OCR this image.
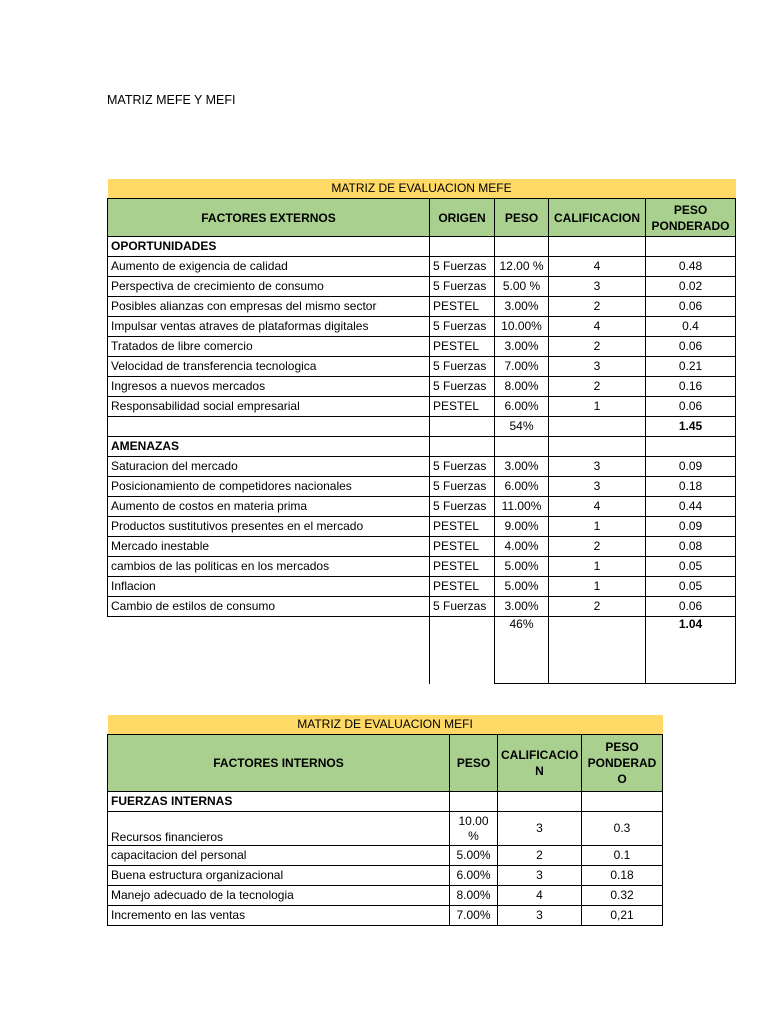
MATRIZ MEFE Y MEFI
MATRIZ DE EVALUACION MEFE				
FACTORES EXTERNOS	ORIGEN	PESO	CALIFICACION	PESO PONDERADO
OPORTUNIDADES				
Aumento de exigencia de calidad	5 Fuerzas	12.00 %	4	0.48
Perspectiva de crecimiento de consumo	5 Fuerzas	5.00 %	3	0.02
Posibles alianzas con empresas del mismo sector	PESTEL	3.00%	2	0.06
Impulsar ventas atraves de plataformas digitales	5 Fuerzas	10.00%	4	0.4
Tratados de libre comercio	PESTEL	3.00%	2	0.06
Velocidad de transferencia tecnologica	5 Fuerzas	7.00%	3	0.21
Ingresos a nuevos mercados	5 Fuerzas	8.00%	2	0.16
Responsabilidad social empresarial	PESTEL	6.00%	1	0.06
		54%		1.45
AMENAZAS				
Saturacion del mercado	5 Fuerzas	3.00%	3	0.09
Posicionamiento de competidores nacionales	5 Fuerzas	6.00%	3	0.18
Aumento de costos en materia prima	5 Fuerzas	11.00%	4	0.44
Productos sustitutivos presentes en el mercado	PESTEL	9.00%	1	0.09
Mercado inestable	PESTEL	4.00%	2	0.08
cambios de las politicas en los mercados	PESTEL	5.00%	1	0.05
Inflacion	PESTEL	5.00%	1	0.05
Cambio de estilos de consumo	5 Fuerzas	3.00%	2	0.06
		46%		1.04
MATRIZ DE EVALUACION MEFI			
FACTORES INTERNOS	PESO	CALIFICACIO N	PESO PONDERAD O
FUERZAS INTERNAS			
Recursos financieros	10.00 %	3	0.3
capacitacion del personal	5.00%	2	0.1
Buena estructura organizacional	6.00%	3	0.18
Manejo adecuado de la tecnologia	8.00%	4	0.32
Incremento en las ventas	7.00%	3	0,21
